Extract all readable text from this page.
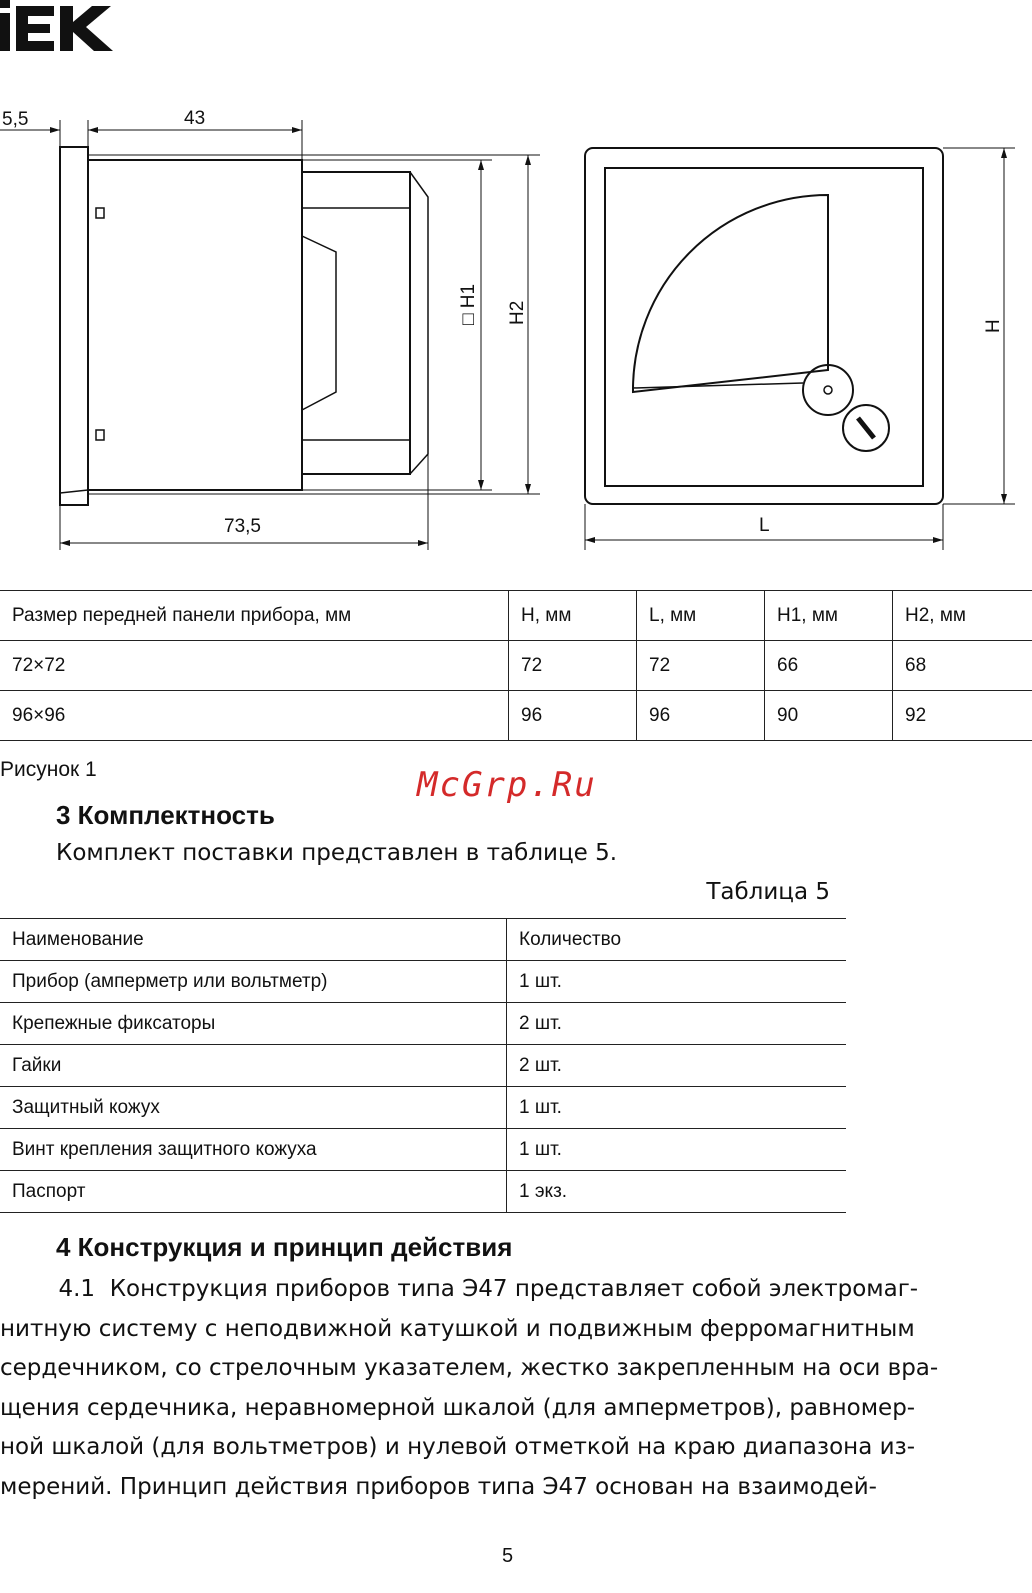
5,5	43
73,5
□ H1 H2
H
L
Размер передней панели прибора, мм	Н, мм	L, мм	Н1, мм	Н2, мм
72×72	72	72	66	68
96×96	96	96	90	92
Рисунок 1	McGrp.Ru
3 Комплектность
Комплект поставки представлен в таблице 5.
Таблица 5
Наименование	Количество
Прибор (амперметр или вольтметр)	1 шт.
Крепежные фиксаторы	2 шт.
Гайки	2 шт.
Защитный кожух	1 шт.
Винт крепления защитного кожуха	1 шт.
Паспорт	1 экз.
4 Конструкция и принцип действия
4.1  Конструкция приборов типа Э47 представляет собой электромаг-
нитную систему с неподвижной катушкой и подвижным ферромагнитным
сердечником, со стрелочным указателем, жестко закрепленным на оси вра-
щения сердечника, неравномерной шкалой (для амперметров), равномер-
ной шкалой (для вольтметров) и нулевой отметкой на краю диапазона из-
мерений. Принцип действия приборов типа Э47 основан на взаимодей-
5
